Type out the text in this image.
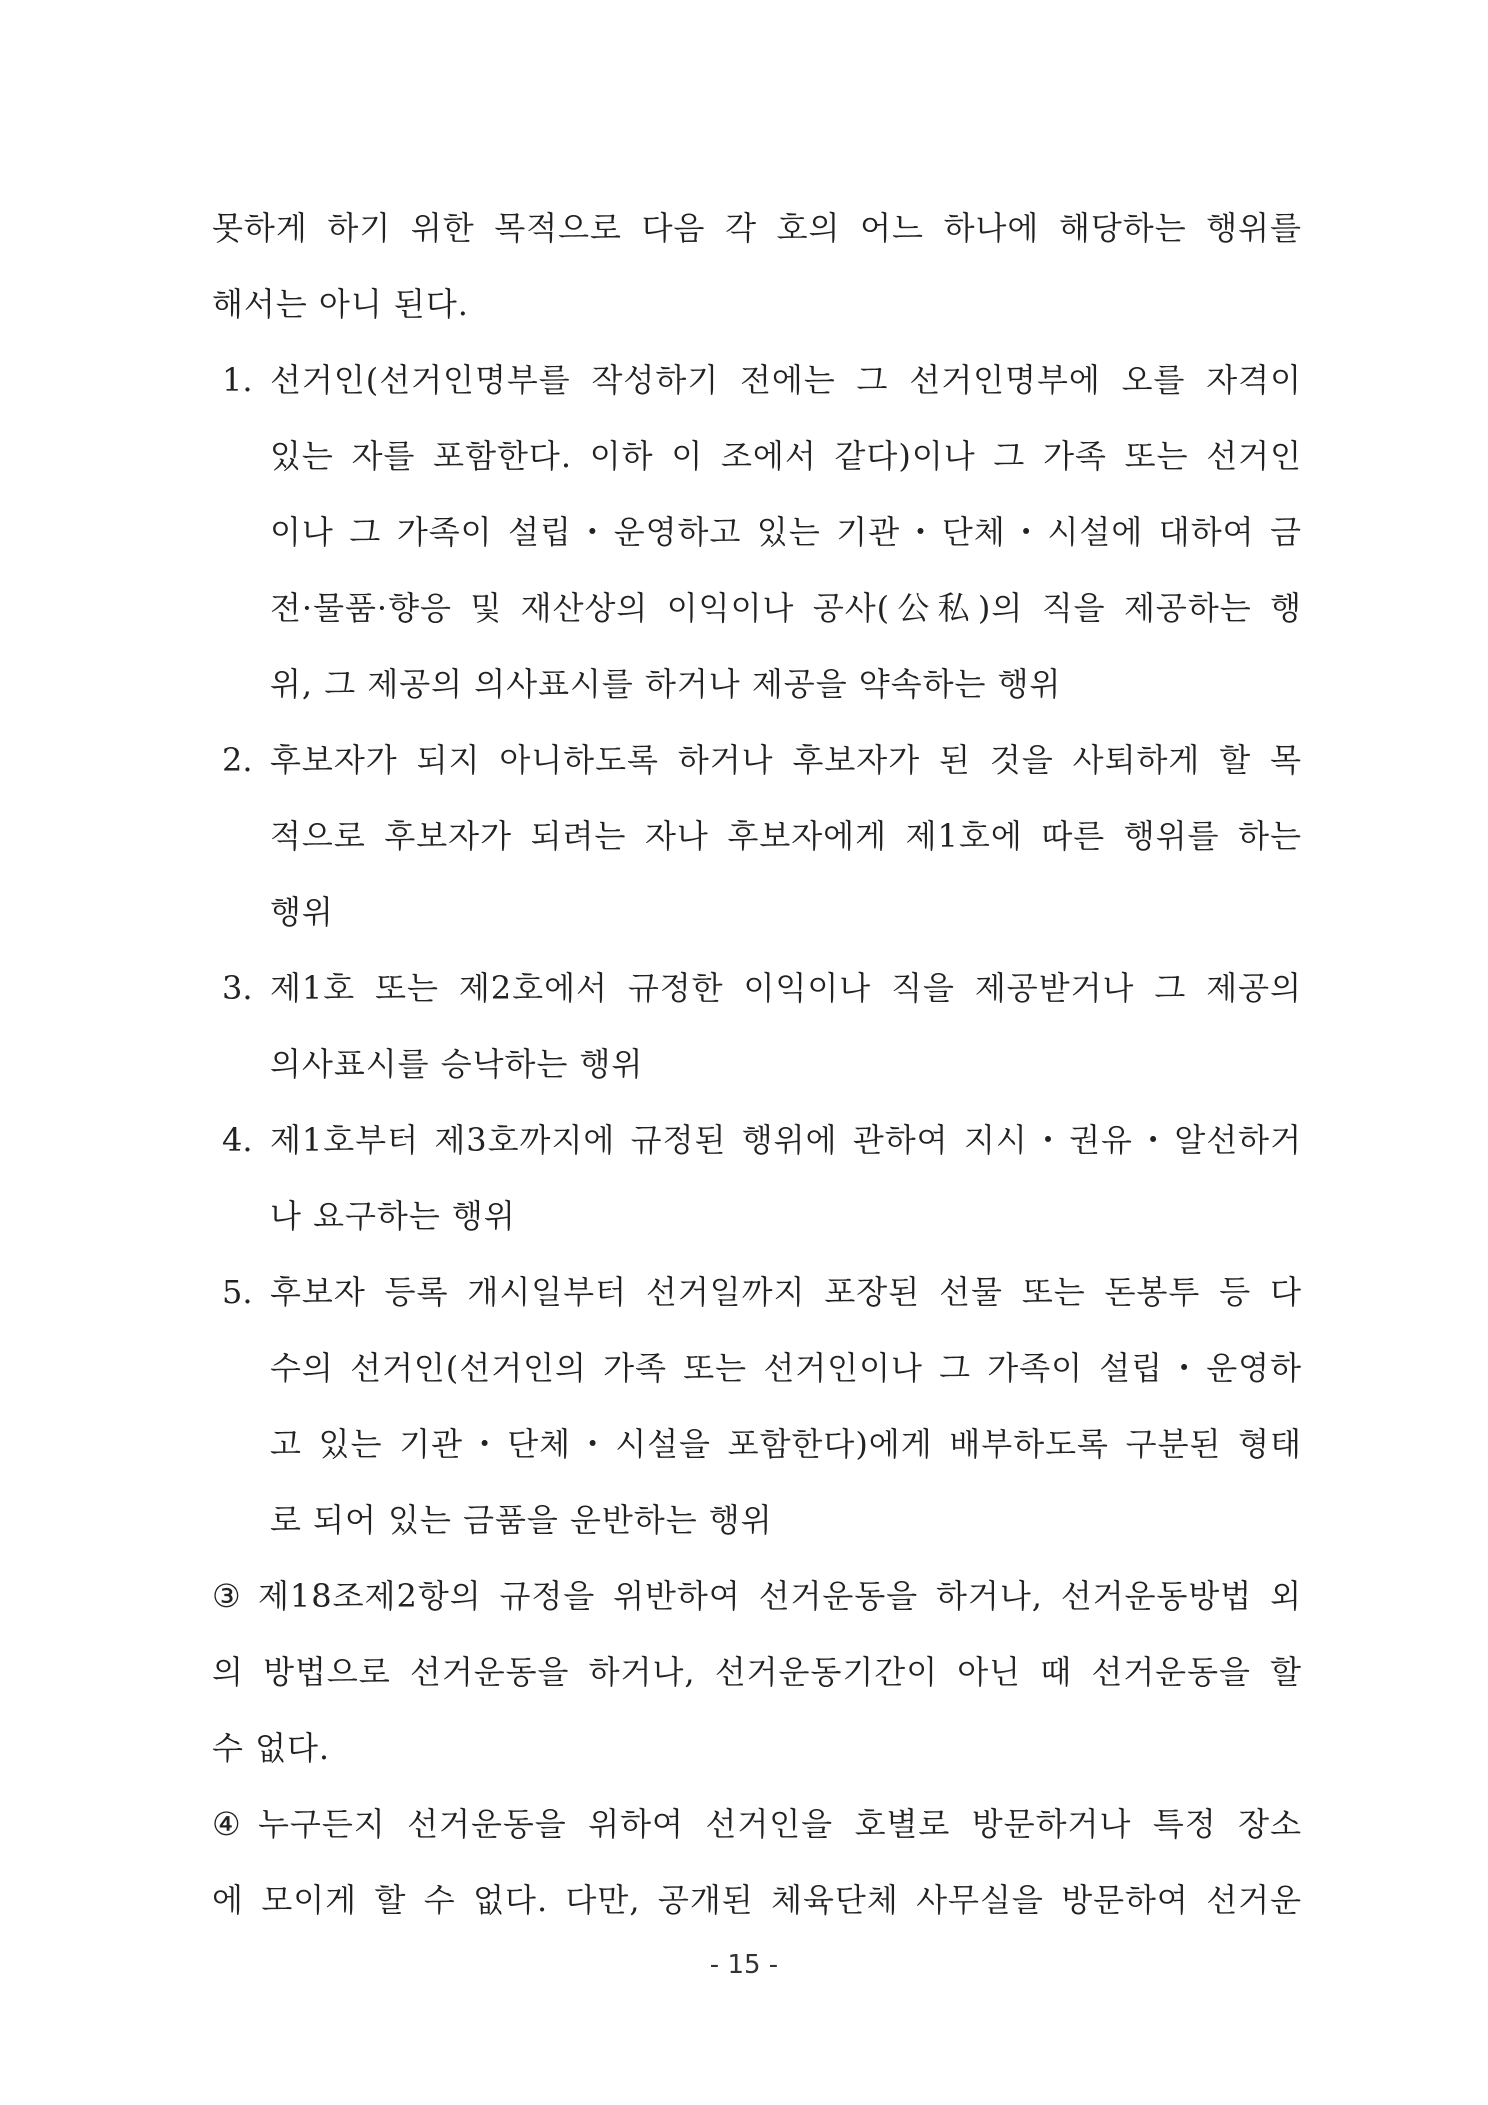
못하게 하기 위한 목적으로 다음 각 호의 어느 하나에 해당하는 행위를
해서는 아니 된다.
1. 선거인(선거인명부를 작성하기 전에는 그 선거인명부에 오를 자격이
있는 자를 포함한다. 이하 이 조에서 같다)이나 그 가족 또는 선거인
이나 그 가족이 설립・운영하고 있는 기관・단체・시설에 대하여 금
전·물품·향응 및 재산상의 이익이나 공사(公私)의 직을 제공하는 행
위, 그 제공의 의사표시를 하거나 제공을 약속하는 행위
2. 후보자가 되지 아니하도록 하거나 후보자가 된 것을 사퇴하게 할 목
적으로 후보자가 되려는 자나 후보자에게 제1호에 따른 행위를 하는
행위
3. 제1호 또는 제2호에서 규정한 이익이나 직을 제공받거나 그 제공의
의사표시를 승낙하는 행위
4. 제1호부터 제3호까지에 규정된 행위에 관하여 지시・권유・알선하거
나 요구하는 행위
5. 후보자 등록 개시일부터 선거일까지 포장된 선물 또는 돈봉투 등 다
수의 선거인(선거인의 가족 또는 선거인이나 그 가족이 설립・운영하
고 있는 기관・단체・시설을 포함한다)에게 배부하도록 구분된 형태
로 되어 있는 금품을 운반하는 행위
③ 제18조제2항의 규정을 위반하여 선거운동을 하거나, 선거운동방법 외
의 방법으로 선거운동을 하거나, 선거운동기간이 아닌 때 선거운동을 할
수 없다.
④ 누구든지 선거운동을 위하여 선거인을 호별로 방문하거나 특정 장소
에 모이게 할 수 없다. 다만, 공개된 체육단체 사무실을 방문하여 선거운
- 15 -
